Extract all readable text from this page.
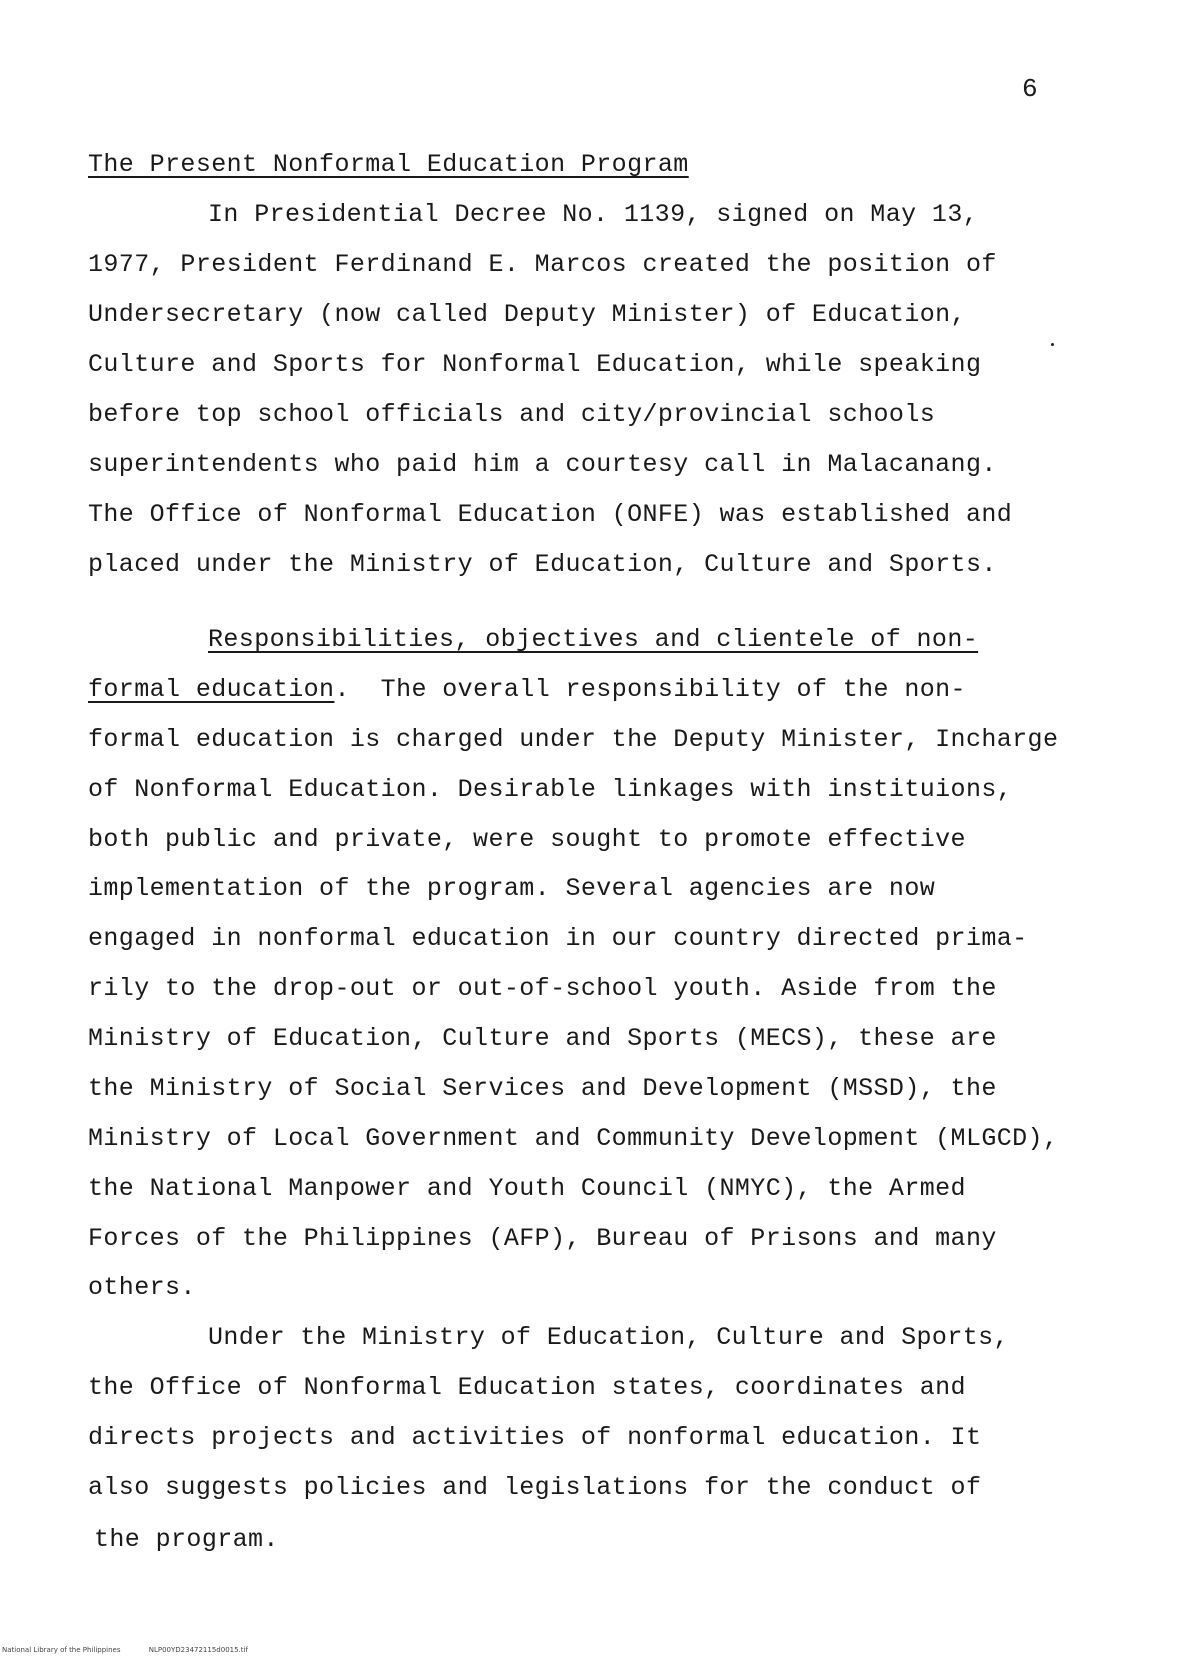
6
The Present Nonformal Education Program
In Presidential Decree No. 1139, signed on May 13,
1977, President Ferdinand E. Marcos created the position of
Undersecretary (now called Deputy Minister) of Education,
Culture and Sports for Nonformal Education, while speaking
before top school officials and city/provincial schools
superintendents who paid him a courtesy call in Malacanang.
The Office of Nonformal Education (ONFE) was established and
placed under the Ministry of Education, Culture and Sports.
Responsibilities, objectives and clientele of non-
formal education. The overall responsibility of the non-
formal education is charged under the Deputy Minister, Incharge
of Nonformal Education. Desirable linkages with instituions,
both public and private, were sought to promote effective
implementation of the program. Several agencies are now
engaged in nonformal education in our country directed prima-
rily to the drop-out or out-of-school youth. Aside from the
Ministry of Education, Culture and Sports (MECS), these are
the Ministry of Social Services and Development (MSSD), the
Ministry of Local Government and Community Development (MLGCD),
the National Manpower and Youth Council (NMYC), the Armed
Forces of the Philippines (AFP), Bureau of Prisons and many
others.
Under the Ministry of Education, Culture and Sports,
the Office of Nonformal Education states, coordinates and
directs projects and activities of nonformal education. It
also suggests policies and legislations for the conduct of
the program.
National Library of the Philippines	NLP00YD23472115d0015.tif
